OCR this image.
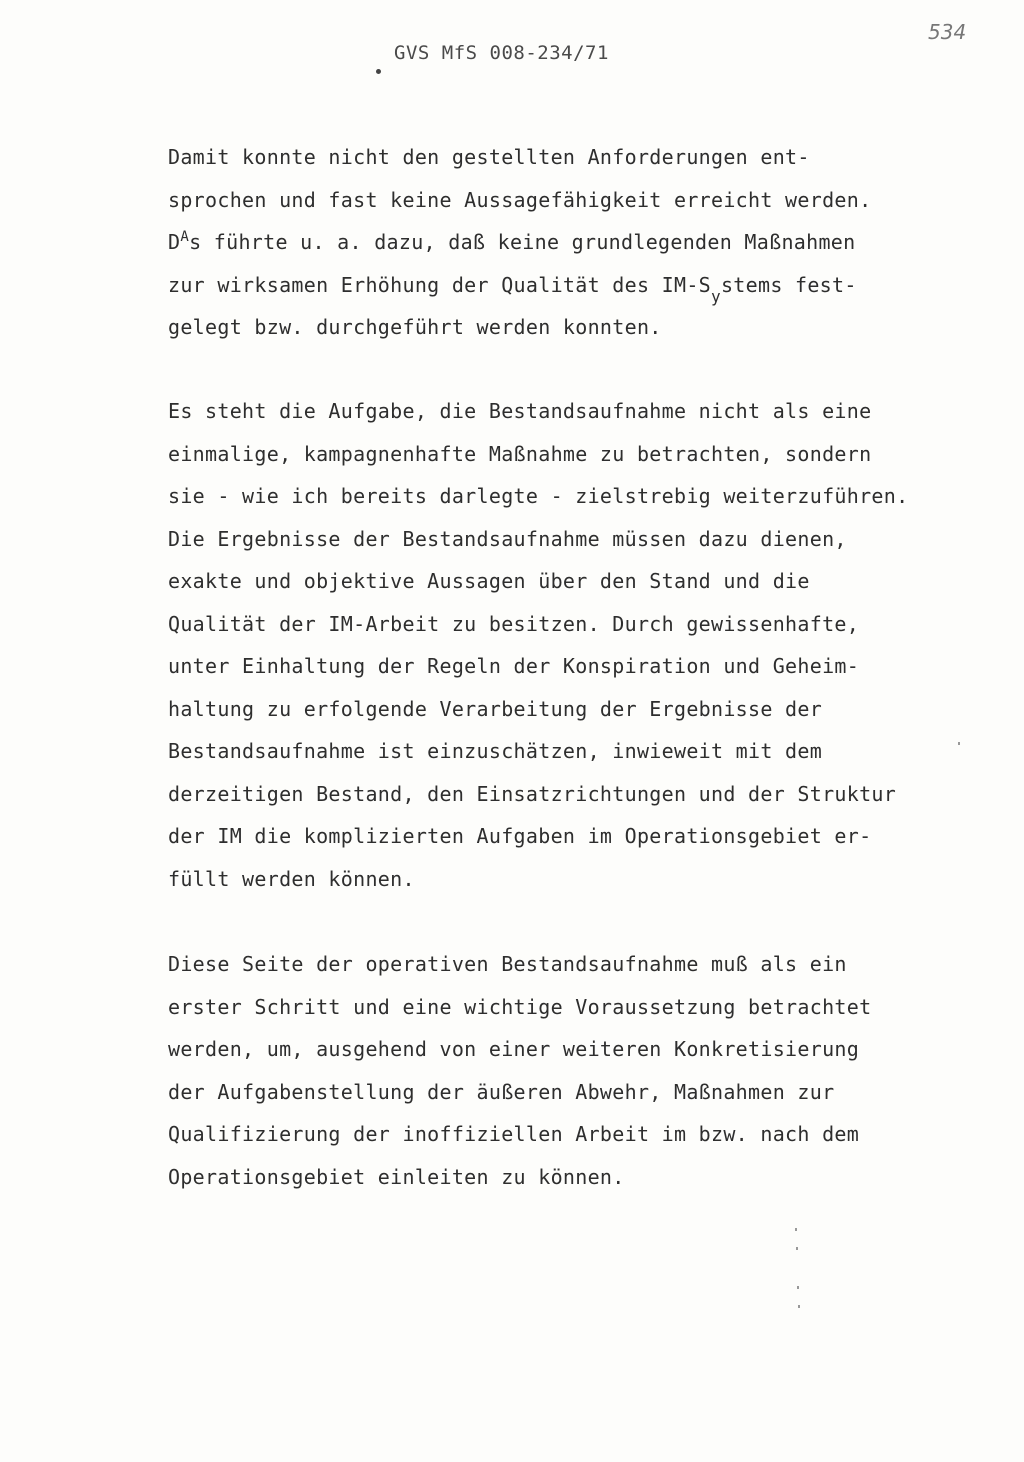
GVS MfS 008-234/71
534
Damit konnte nicht den gestellten Anforderungen ent-
sprochen und fast keine Aussagefähigkeit erreicht werden.
$D^As$ führte u. a. dazu, daß keine grundlegenden Maßnahmen
zur wirksamen Erhöhung der Qualität des $IM-S_ystems$ fest-
gelegt bzw. durchgeführt werden konnten.
Es steht die Aufgabe, die Bestandsaufnahme nicht als eine
einmalige, kampagnenhafte Maßnahme zu betrachten, sondern
sie - wie ich bereits darlegte - zielstrebig weiterzuführen.
Die Ergebnisse der Bestandsaufnahme müssen dazu dienen,
exakte und objektive Aussagen über den Stand und die
Qualität der IM-Arbeit zu besitzen. Durch gewissenhafte,
unter Einhaltung der Regeln der Konspiration und Geheim-
haltung zu erfolgende Verarbeitung der Ergebnisse der
Bestandsaufnahme ist einzuschätzen, inwieweit mit dem
derzeitigen Bestand, den Einsatzrichtungen und der Struktur
der IM die komplizierten Aufgaben im Operationsgebiet er-
füllt werden können.
Diese Seite der operativen Bestandsaufnahme muß als ein
erster Schritt und eine wichtige Voraussetzung betrachtet
werden, um, ausgehend von einer weiteren Konkretisierung
der Aufgabenstellung der äußeren Abwehr, Maßnahmen zur
Qualifizierung der inoffiziellen Arbeit im bzw. nach dem
Operationsgebiet einleiten zu können.
